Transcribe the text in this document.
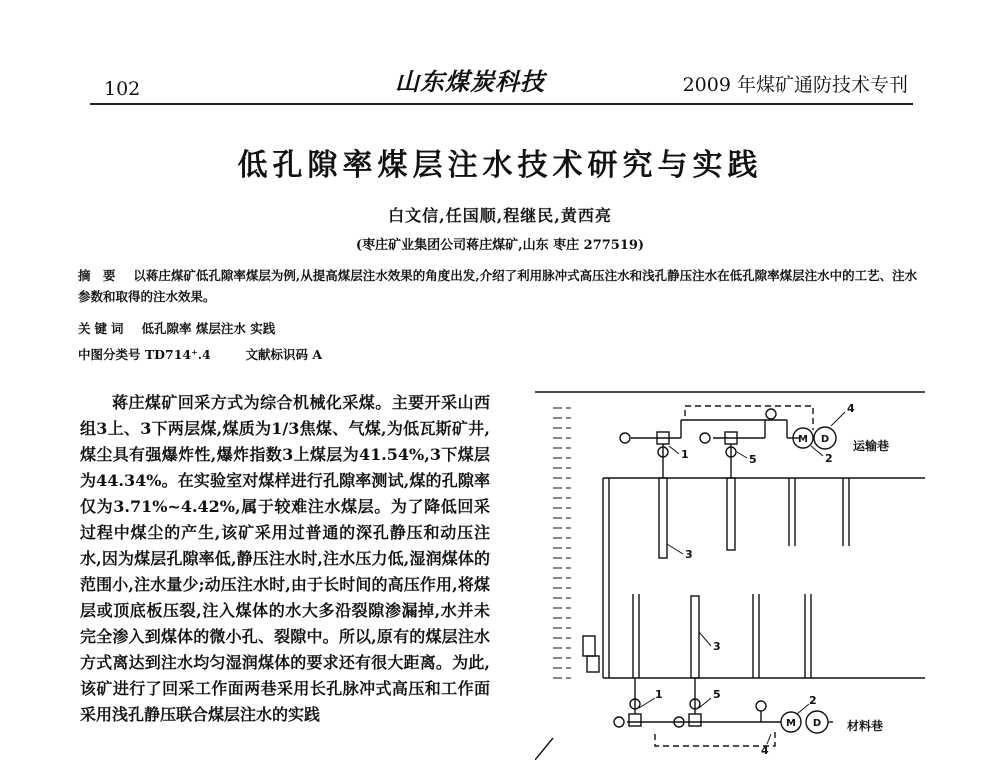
102	山东煤炭科技	2009 年煤矿通防技术专刊
低孔隙率煤层注水技术研究与实践
白文信,任国顺,程继民,黄西亮
(枣庄矿业集团公司蒋庄煤矿,山东 枣庄 277519)
摘 要 以蒋庄煤矿低孔隙率煤层为例,从提高煤层注水效果的角度出发,介绍了利用脉冲式高压注水和浅孔静压注水在低孔隙率煤层注水中的工艺、注水参数和取得的注水效果。
关键词 低孔隙率 煤层注水 实践
中图分类号 TD714⁺.4	文献标识码 A
蒋庄煤矿回采方式为综合机械化采煤。主要开采山西组3上、3下两层煤,煤质为1/3焦煤、气煤,为低瓦斯矿井,煤尘具有强爆炸性,爆炸指数3上煤层为41.54%,3下煤层为44.34%。在实验室对煤样进行孔隙率测试,煤的孔隙率仅为3.71%~4.42%,属于较难注水煤层。为了降低回采过程中煤尘的产生,该矿采用过普通的深孔静压和动压注水,因为煤层孔隙率低,静压注水时,注水压力低,湿润煤体的范围小,注水量少;动压注水时,由于长时间的高压作用,将煤层或顶底板压裂,注入煤体的水大多沿裂隙渗漏掉,水并未完全渗入到煤体的微小孔、裂隙中。所以,原有的煤层注水方式离达到注水均匀湿润煤体的要求还有很大距离。为此,该矿进行了回采工作面两巷采用长孔脉冲式高压和工作面采用浅孔静压联合煤层注水的实践
1	5
3
4
2
3
1	5	2
4
M D
M D
运输巷
材料巷
